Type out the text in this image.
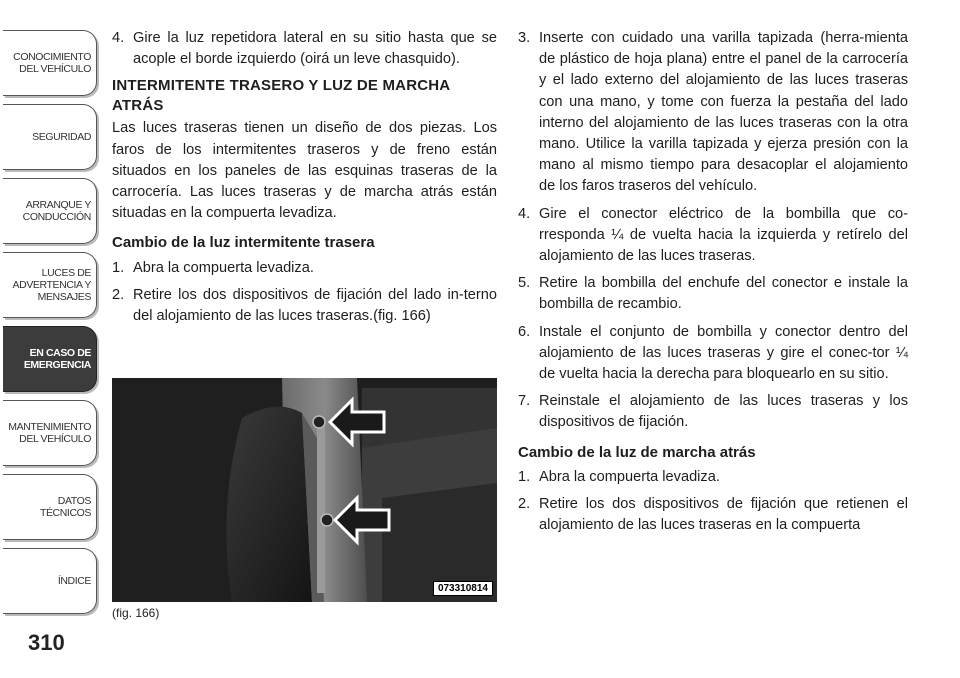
CONOCIMIENTO
DEL VEHÍCULO
SEGURIDAD
ARRANQUE Y
CONDUCCIÓN
LUCES DE
ADVERTENCIA Y
MENSAJES
EN CASO DE
EMERGENCIA
MANTENIMIENTO
DEL VEHÍCULO
DATOS
TÉCNICOS
ÍNDICE
310
4. Gire la luz repetidora lateral en su sitio hasta que se acople el borde izquierdo (oirá un leve chasquido).
INTERMITENTE TRASERO Y LUZ DE MARCHA ATRÁS
Las luces traseras tienen un diseño de dos piezas. Los faros de los intermitentes traseros y de freno están situados en los paneles de las esquinas traseras de la carrocería. Las luces traseras y de marcha atrás están situadas en la compuerta levadiza.
Cambio de la luz intermitente trasera
1. Abra la compuerta levadiza.
2. Retire los dos dispositivos de fijación del lado in-terno del alojamiento de las luces traseras.(fig. 166)
073310814
(fig. 166)
3. Inserte con cuidado una varilla tapizada (herra-mienta de plástico de hoja plana) entre el panel de la carrocería y el lado externo del alojamiento de las luces traseras con una mano, y tome con fuerza la pestaña del lado interno del alojamiento de las luces traseras con la otra mano. Utilice la varilla tapizada y ejerza presión con la mano al mismo tiempo para desacoplar el alojamiento de los faros traseros del vehículo.
4. Gire el conector eléctrico de la bombilla que co-rresponda ¼ de vuelta hacia la izquierda y retírelo del alojamiento de las luces traseras.
5. Retire la bombilla del enchufe del conector e instale la bombilla de recambio.
6. Instale el conjunto de bombilla y conector dentro del alojamiento de las luces traseras y gire el conec-tor ¼ de vuelta hacia la derecha para bloquearlo en su sitio.
7. Reinstale el alojamiento de las luces traseras y los dispositivos de fijación.
Cambio de la luz de marcha atrás
1. Abra la compuerta levadiza.
2. Retire los dos dispositivos de fijación que retienen el alojamiento de las luces traseras en la compuerta
